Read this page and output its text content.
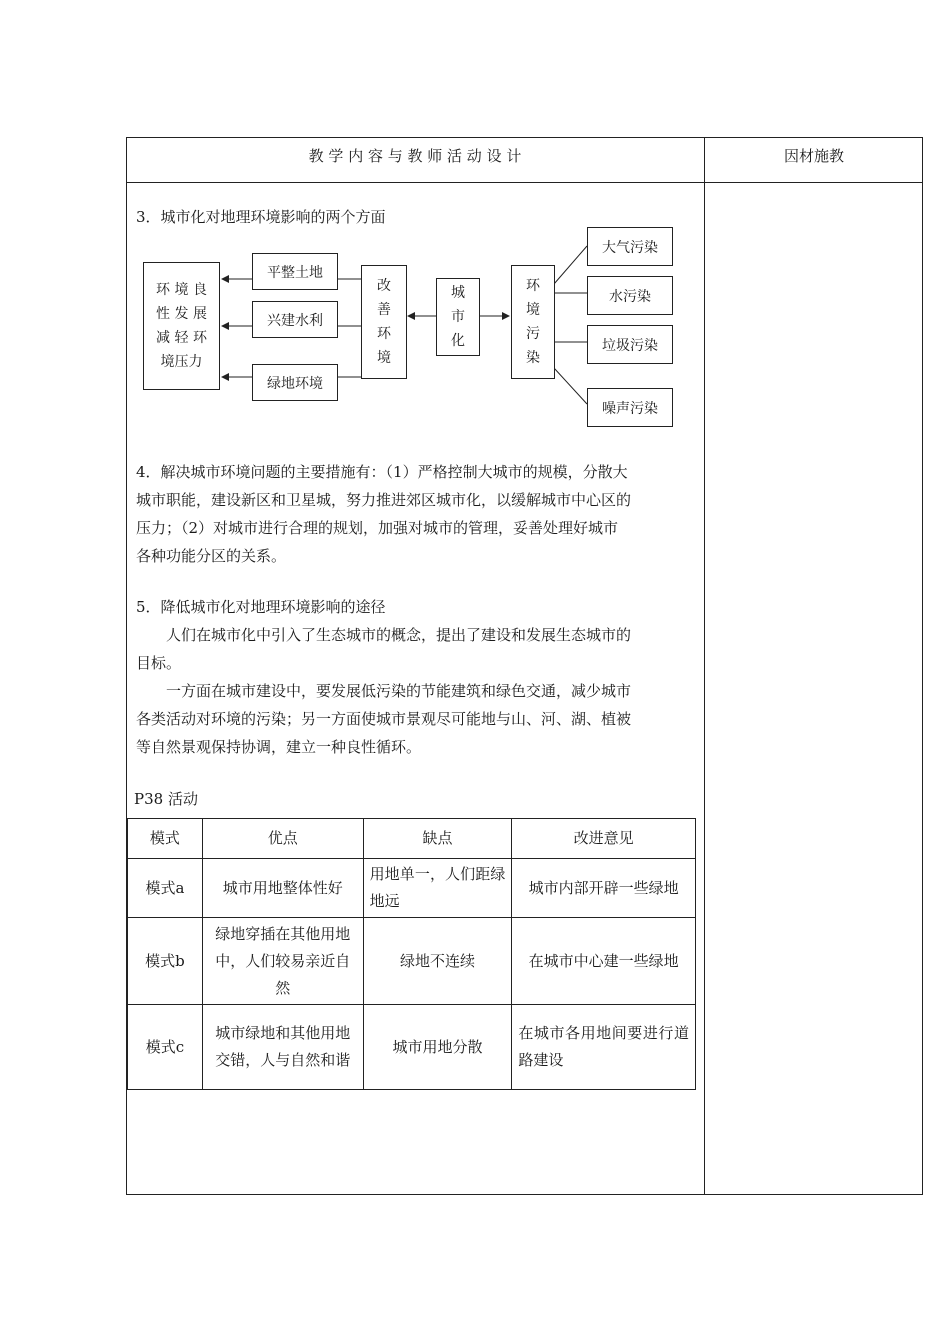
教 学 内 容 与 教 师 活 动 设 计	因材施教
3．城市化对地理环境影响的两个方面
环 境 良
性 发 展
减 轻 环
境压力
平整土地
兴建水利
绿地环境
改
善
环
境
城
市
化
环
境
污
染
大气污染
水污染
垃圾污染
噪声污染
4．解决城市环境问题的主要措施有：（1）严格控制大城市的规模，分散大
城市职能，建设新区和卫星城，努力推进郊区城市化，以缓解城市中心区的
压力；（2）对城市进行合理的规划，加强对城市的管理，妥善处理好城市
各种功能分区的关系。
5．降低城市化对地理环境影响的途径
人们在城市化中引入了生态城市的概念，提出了建设和发展生态城市的
目标。
一方面在城市建设中，要发展低污染的节能建筑和绿色交通，减少城市
各类活动对环境的污染；另一方面使城市景观尽可能地与山、河、湖、植被
等自然景观保持协调，建立一种良性循环。
P38 活动
模式	优点	缺点	改进意见
模式a	城市用地整体性好	用地单一，人们距绿地远	城市内部开辟一些绿地
模式b	绿地穿插在其他用地中，人们较易亲近自然	绿地不连续	在城市中心建一些绿地
模式c	城市绿地和其他用地交错，人与自然和谐	城市用地分散	在城市各用地间要进行道路建设
